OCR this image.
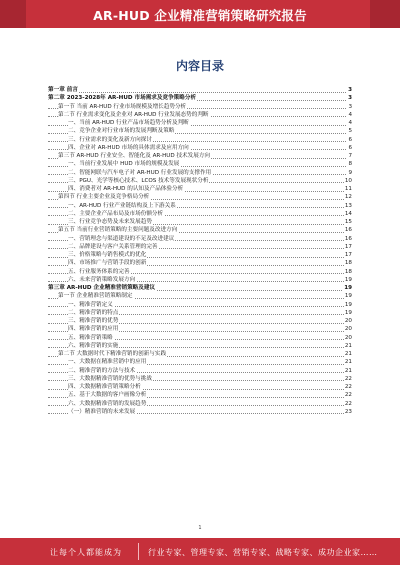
AR-HUD 企业精准营销策略研究报告
内容目录
第一章 前言	3
第二章 2023-2028年 AR-HUD 市场需求及竞争策略分析	3
第一节 当前 AR-HUD 行业市场规模及增长趋势分析	3
第二节 行业需求变化及企业对 AR-HUD 行业发展态势的判断	4
一、当前 AR-HUD 行业产品市场趋势分析及判断	4
二、竞争企业对行业市场的发展判断及策略	5
三、行业需求的变化及新方向探讨	6
四、企业对 AR-HUD 市场的具体需求及应用方向	6
第三节 AR-HUD 行业安全、智能化及 AR-HUD 技术发展方向	7
一、当前行业发展中 HUD 市场的规模及发展	8
二、智能网联与汽车电子对 AR-HUD 行业发展的支撑作用	9
三、PGU、光学等核心技术、LCOS 技术等发展现状分析	10
四、消费者对 AR-HUD 的认知及产品体验分析	11
第四节 行业主要企业及竞争格局分析	12
一、AR-HUD 行业产业链结构及上下游关系	13
二、主要企业产品布局及市场份额分析	14
三、行业竞争态势及未来发展趋势	15
第五节 当前行业营销策略的主要问题及改进方向	16
一、营销理念与渠道建设的不足及改进建议	16
二、品牌建设与客户关系管理的完善	17
三、价格策略与销售模式的优化	17
四、市场推广与营销手段的创新	18
五、行业服务体系的完善	18
六、未来营销策略发展方向	19
第三章 AR-HUD 企业精准营销策略及建议	19
第一节 企业精准营销策略制定	19
一、精准营销定义	19
二、精准营销的特点	19
三、精准营销的优势	20
四、精准营销的应用	20
五、精准营销策略	20
六、精准营销的实施	21
第二节 大数据时代下精准营销的创新与实践	21
一、大数据在精准营销中的应用	21
二、精准营销的方法与技术	21
三、大数据精准营销的优势与挑战	22
四、大数据精准营销策略分析	22
五、基于大数据的客户画像分析	22
六、大数据精准营销的发展趋势	22
（一）精准营销的未来发展	23
1
让每个人都能成为	行业专家、管理专家、营销专家、战略专家、成功企业家……
